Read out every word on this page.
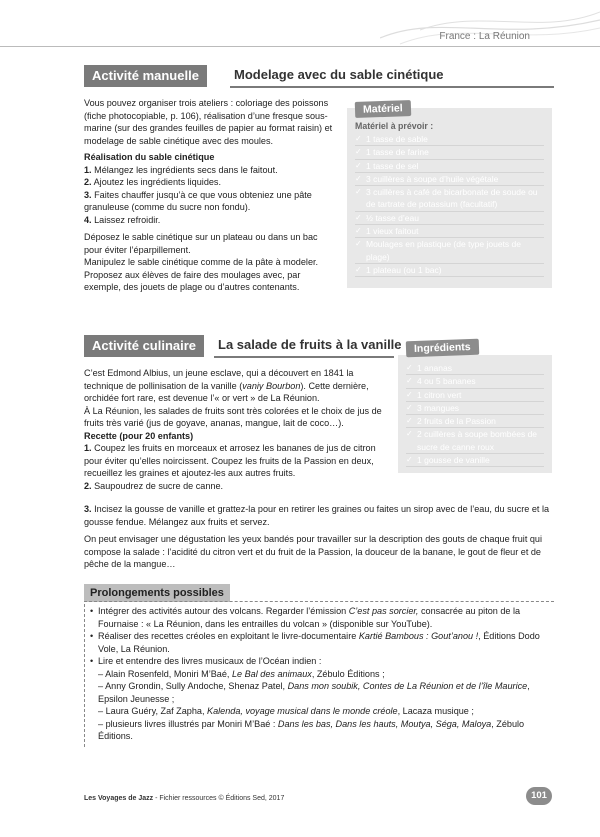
France : La Réunion
Activité manuelle	Modelage avec du sable cinétique

Vous pouvez organiser trois ateliers : coloriage des poissons (fiche photocopiable, p. 106), réalisation d’une fresque sous-marine (sur des grandes feuilles de papier au format raisin) et modelage de sable cinétique avec des moules.

Réalisation du sable cinétique

1. Mélangez les ingrédients secs dans le faitout.

2. Ajoutez les ingrédients liquides.

3. Faites chauffer jusqu’à ce que vous obteniez une pâte granuleuse (comme du sucre non fondu).

4. Laissez refroidir.

Déposez le sable cinétique sur un plateau ou dans un bac pour éviter l’éparpillement.

Manipulez le sable cinétique comme de la pâte à modeler. Proposez aux élèves de faire des moulages avec, par exemple, des jouets de plage ou d’autres contenants.

Matériel à prévoir :
✓ 1 tasse de sable
✓ 1 tasse de farine
✓ 1 tasse de sel
✓ 3 cuillères à soupe d’huile végétale
✓ 3 cuillères à café de bicarbonate de soude ou de tartrate de potassium (facultatif)
✓ ½ tasse d’eau
✓ 1 vieux faitout
✓ Moulages en plastique (de type jouets de plage)
✓ 1 plateau (ou 1 bac)
Matériel
Activité culinaire	La salade de fruits à la vanille
✓ 1 ananas
✓ 4 ou 5 bananes
✓ 1 citron vert
✓ 3 mangues
✓ 2 fruits de la Passion
✓ 2 cuillères à soupe bombées de sucre de canne roux
✓ 1 gousse de vanille
Ingrédients

C’est Edmond Albius, un jeune esclave, qui a découvert en 1841 la technique de pollinisation de la vanille (vaniy Bourbon). Cette dernière, orchidée fort rare, est devenue l’« or vert » de La Réunion.

À La Réunion, les salades de fruits sont très colorées et le choix de jus de fruits très varié (jus de goyave, ananas, mangue, lait de coco…).

Recette (pour 20 enfants)

1. Coupez les fruits en morceaux et arrosez les bananes de jus de citron pour éviter qu’elles noircissent. Coupez les fruits de la Passion en deux, recueillez les graines et ajoutez-les aux autres fruits.

2. Saupoudrez de sucre de canne.

3. Incisez la gousse de vanille et grattez-la pour en retirer les graines ou faites un sirop avec de l’eau, du sucre et la gousse fendue. Mélangez aux fruits et servez.

On peut envisager une dégustation les yeux bandés pour travailler sur la description des gouts de chaque fruit qui compose la salade : l’acidité du citron vert et du fruit de la Passion, la douceur de la banane, le gout de fleur et de pêche de la mangue…

Prolongements possibles

• Intégrer des activités autour des volcans. Regarder l’émission C’est pas sorcier, consacrée au piton de la Fournaise : « La Réunion, dans les entrailles du volcan » (disponible sur YouTube).

• Réaliser des recettes créoles en exploitant le livre-documentaire Kartié Bambous : Gout’anou !, Éditions Dodo Vole, La Réunion.

• Lire et entendre des livres musicaux de l’Océan indien :

– Alain Rosenfeld, Moniri M’Baé, Le Bal des animaux, Zébulo Éditions ;

– Anny Grondin, Sully Andoche, Shenaz Patel, Dans mon soubik, Contes de La Réunion et de l’île Maurice, Epsilon Jeunesse ;

– Laura Guéry, Zaf Zapha, Kalenda, voyage musical dans le monde créole, Lacaza musique ;

– plusieurs livres illustrés par Moniri M’Baé : Dans les bas, Dans les hauts, Moutya, Séga, Maloya, Zébulo Éditions.

Les Voyages de Jazz - Fichier ressources © Éditions Sed, 2017	101
